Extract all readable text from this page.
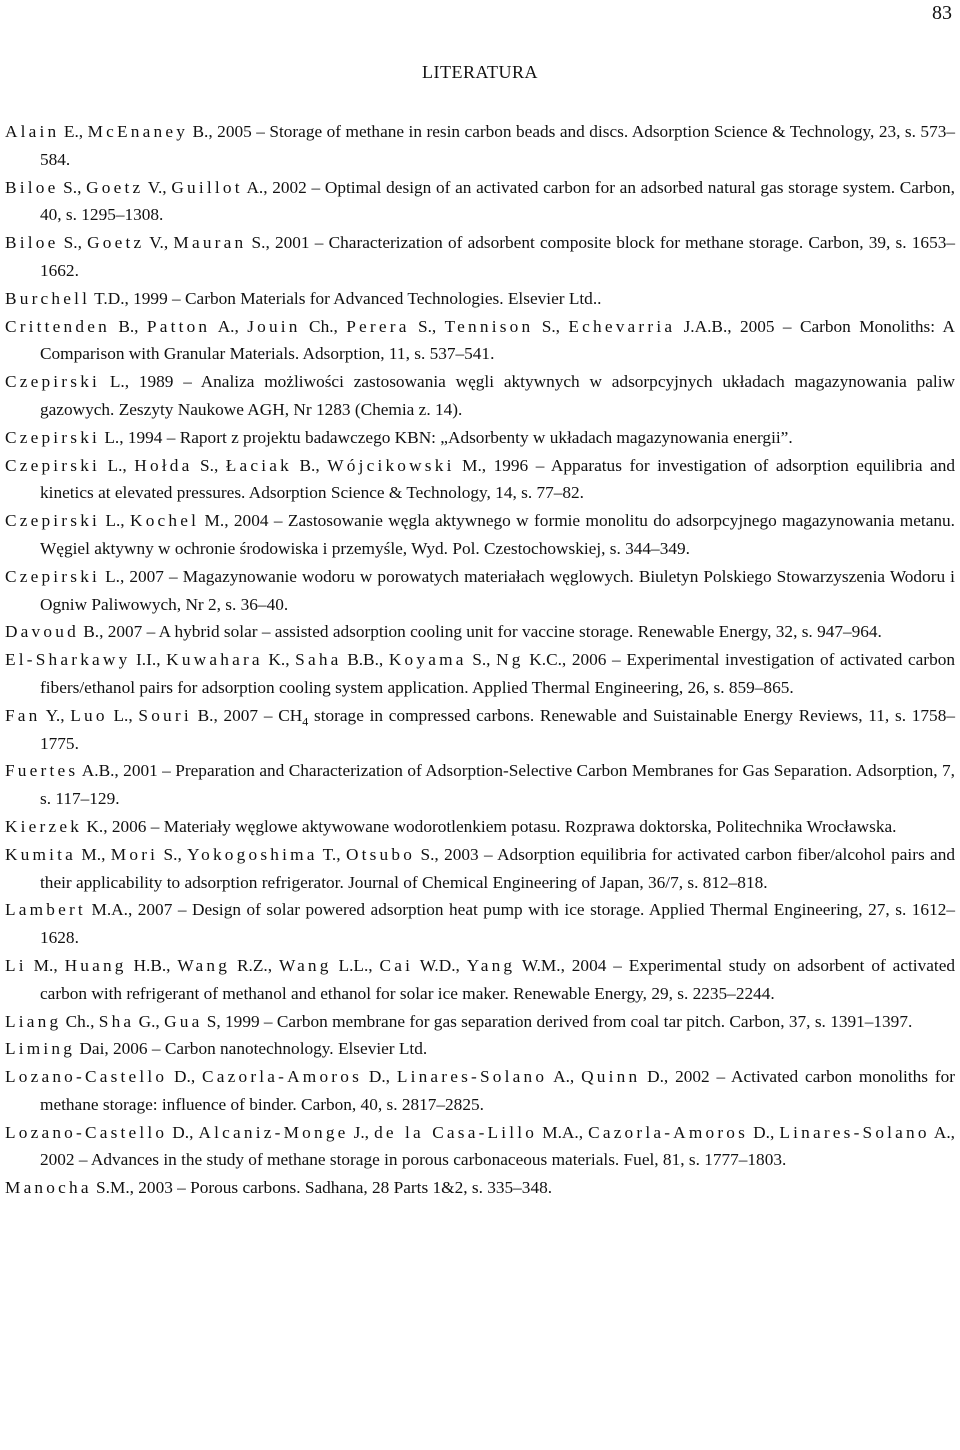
83
LITERATURA

Alain E., McEnaney B., 2005 – Storage of methane in resin carbon beads and discs. Adsorption Science & Technology, 23, s. 573–584.

Biloe S., Goetz V., Guillot A., 2002 – Optimal design of an activated carbon for an adsorbed natural gas storage system. Carbon, 40, s. 1295–1308.

Biloe S., Goetz V., Mauran S., 2001 – Characterization of adsorbent composite block for methane storage. Carbon, 39, s. 1653–1662.

Burchell T.D., 1999 – Carbon Materials for Advanced Technologies. Elsevier Ltd..

Crittenden B., Patton A., Jouin Ch., Perera S., Tennison S., Echevarria J.A.B., 2005 – Carbon Monoliths: A Comparison with Granular Materials. Adsorption, 11, s. 537–541.

Czepirski L., 1989 – Analiza możliwości zastosowania węgli aktywnych w adsorpcyjnych układach magazynowania paliw gazowych. Zeszyty Naukowe AGH, Nr 1283 (Chemia z. 14).

Czepirski L., 1994 – Raport z projektu badawczego KBN: „Adsorbenty w układach magazynowania energii”.

Czepirski L., Hołda S., Łaciak B., Wójcikowski M., 1996 – Apparatus for investigation of adsorption equilibria and kinetics at elevated pressures. Adsorption Science & Technology, 14, s. 77–82.

Czepirski L., Kochel M., 2004 – Zastosowanie węgla aktywnego w formie monolitu do adsorpcyjnego magazynowania metanu. Węgiel aktywny w ochronie środowiska i przemyśle, Wyd. Pol. Czestochowskiej, s. 344–349.

Czepirski L., 2007 – Magazynowanie wodoru w porowatych materiałach węglowych. Biuletyn Polskiego Stowarzyszenia Wodoru i Ogniw Paliwowych, Nr 2, s. 36–40.

Davoud B., 2007 – A hybrid solar – assisted adsorption cooling unit for vaccine storage. Renewable Energy, 32, s. 947–964.

El-Sharkawy I.I., Kuwahara K., Saha B.B., Koyama S., Ng K.C., 2006 – Experimental investigation of activated carbon fibers/ethanol pairs for adsorption cooling system application. Applied Thermal Engineering, 26, s. 859–865.

Fan Y., Luo L., Souri B., $2007 - CH_4$ storage in compressed carbons. Renewable and Suistainable Energy Reviews, 11, s. 1758–1775.

Fuertes A.B., 2001 – Preparation and Characterization of Adsorption-Selective Carbon Membranes for Gas Separation. Adsorption, 7, s. 117–129.

Kierzek K., 2006 – Materiały węglowe aktywowane wodorotlenkiem potasu. Rozprawa doktorska, Politechnika Wrocławska.

Kumita M., Mori S., Yokogoshima T., Otsubo S., 2003 – Adsorption equilibria for activated carbon fiber/alcohol pairs and their applicability to adsorption refrigerator. Journal of Chemical Engineering of Japan, 36/7, s. 812–818.

Lambert M.A., 2007 – Design of solar powered adsorption heat pump with ice storage. Applied Thermal Engineering, 27, s. 1612–1628.

Li M., Huang H.B., Wang R.Z., Wang L.L., Cai W.D., Yang W.M., 2004 – Experimental study on adsorbent of activated carbon with refrigerant of methanol and ethanol for solar ice maker. Renewable Energy, 29, s. 2235–2244.

Liang Ch., Sha G., Gua S, 1999 – Carbon membrane for gas separation derived from coal tar pitch. Carbon, 37, s. 1391–1397.

Liming Dai, 2006 – Carbon nanotechnology. Elsevier Ltd.

Lozano-Castello D., Cazorla-Amoros D., Linares-Solano A., Quinn D., 2002 – Activated carbon monoliths for methane storage: influence of binder. Carbon, 40, s. 2817–2825.

Lozano-Castello D., Alcaniz-Monge J., de la Casa-Lillo M.A., Cazorla-Amoros D., Linares-Solano A., 2002 – Advances in the study of methane storage in porous carbonaceous materials. Fuel, 81, s. 1777–1803.

Manocha S.M., 2003 – Porous carbons. Sadhana, 28 Parts 1&2, s. 335–348.
